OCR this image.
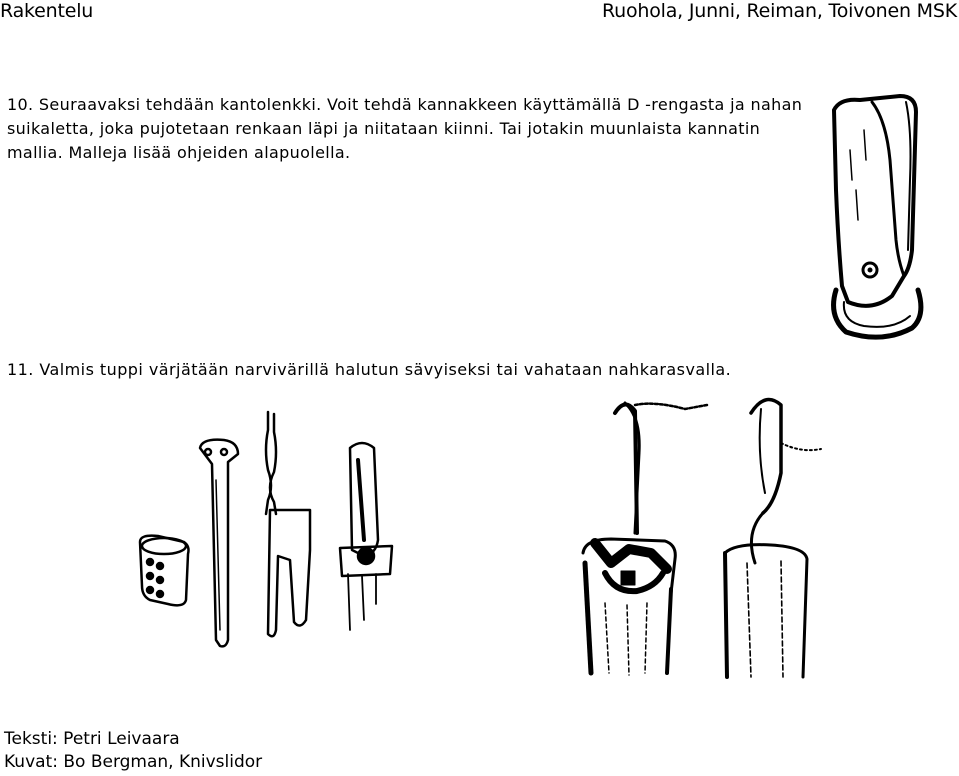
Rakentelu	Ruohola, Junni, Reiman, Toivonen MSK
10. Seuraavaksi tehdään kantolenkki. Voit tehdä kannakkeen käyttämällä D -rengasta ja nahan suikaletta, joka pujotetaan renkaan läpi ja niitataan kiinni. Tai jotakin muunlaista kannatin mallia. Malleja lisää ohjeiden alapuolella.
11. Valmis tuppi värjätään narvivärillä halutun sävyiseksi tai vahataan nahkarasvalla.
Teksti: Petri Leivaara
Kuvat: Bo Bergman, Knivslidor
